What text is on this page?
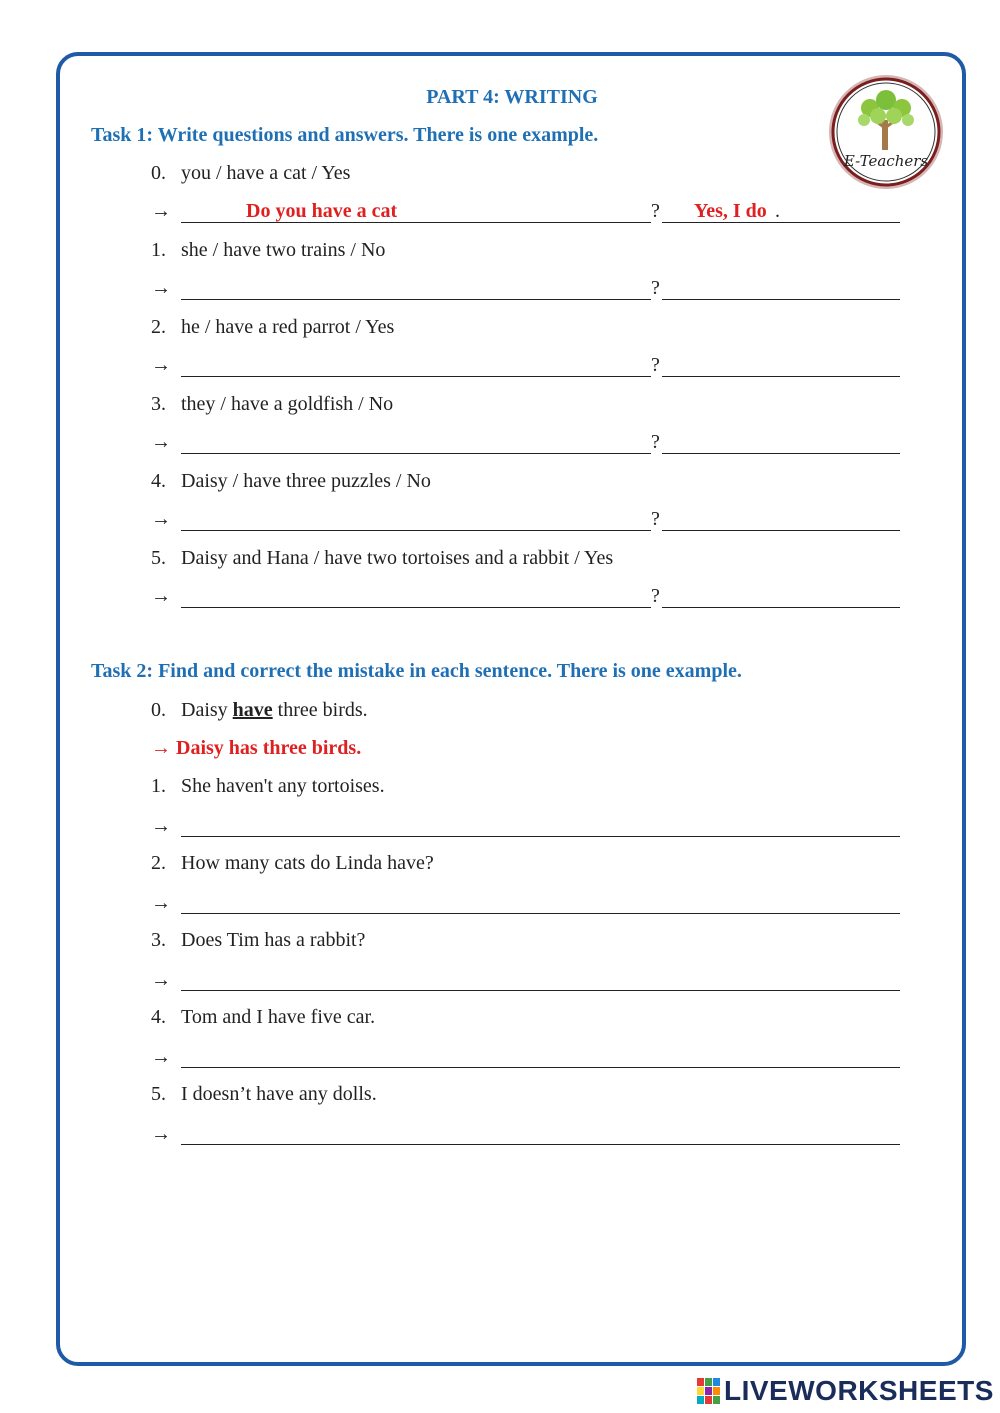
PART 4: WRITING
E-Teachers
Task 1: Write questions and answers. There is one example.
0. you / have a cat / Yes
→	Do you have a cat	? Yes, I do .
1. she / have two trains / No
→	?
2. he / have a red parrot / Yes
→	?
3. they / have a goldfish / No
→	?
4. Daisy / have three puzzles / No
→	?
5. Daisy and Hana / have two tortoises and a rabbit / Yes
→	?
Task 2: Find and correct the mistake in each sentence. There is one example.
0. Daisy have three birds.
→ Daisy has three birds.
1. She haven't any tortoises.
→
2. How many cats do Linda have?
→
3. Does Tim has a rabbit?
→
4. Tom and I have five car.
→
5. I doesn’t have any dolls.
→
LIVEWORKSHEETS
